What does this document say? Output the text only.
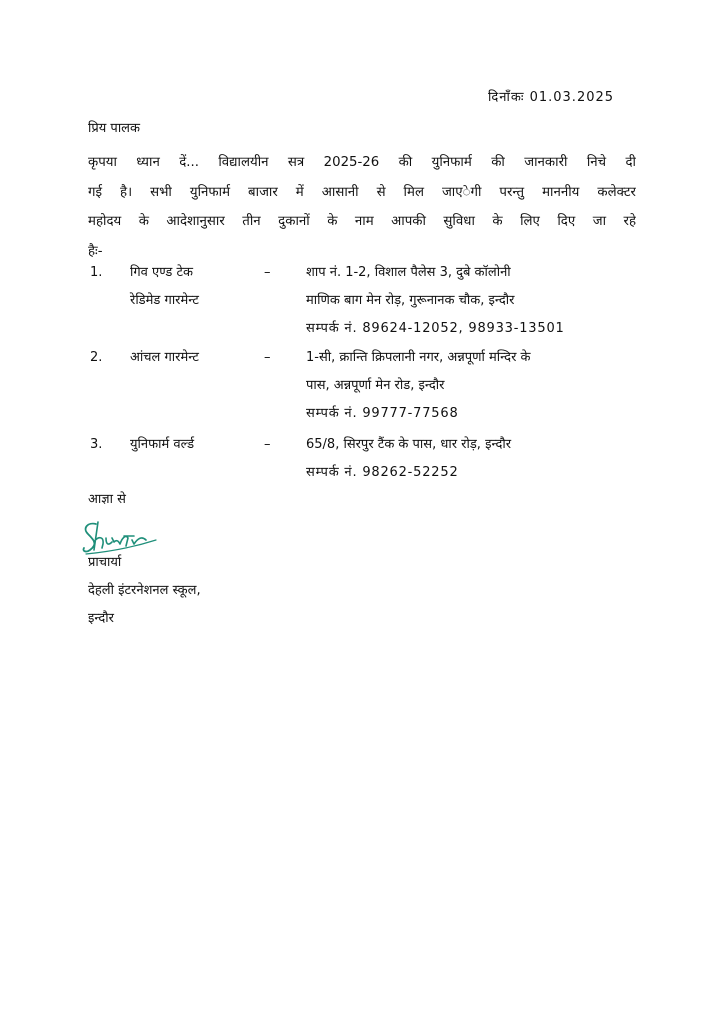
दिनाँकः 01.03.2025
प्रिय पालक
कृपया ध्यान दें... विद्यालयीन सत्र 2025-26 की युनिफार्म की जानकारी निचे दी
गई है। सभी युनिफार्म बाजार में आसानी से मिल जाएेगी परन्तु माननीय कलेक्टर
महोदय के आदेशानुसार तीन दुकानों के नाम आपकी सुविधा के लिए दिए जा रहे
हैः-
1. गिव एण्ड टेक
रेडिमेड गारमेन्ट
–	शाप नं. 1-2, विशाल पैलेस 3, दुबे कॉलोनी
माणिक बाग मेन रोड़, गुरूनानक चौक, इन्दौर
सम्पर्क नं. 89624-12052, 98933-13501
2. आंचल गारमेन्ट	–	1-सी, क्रान्ति क्रिपलानी नगर, अन्नपूर्णा मन्दिर के
पास, अन्नपूर्णा मेन रोड, इन्दौर
सम्पर्क नं. 99777-77568
3. युनिफार्म वर्ल्ड	–	65/8, सिरपुर टैंक के पास, धार रोड़, इन्दौर
सम्पर्क नं. 98262-52252
आज्ञा से
प्राचार्या
देहली इंटरनेशनल स्कूल,
इन्दौर
